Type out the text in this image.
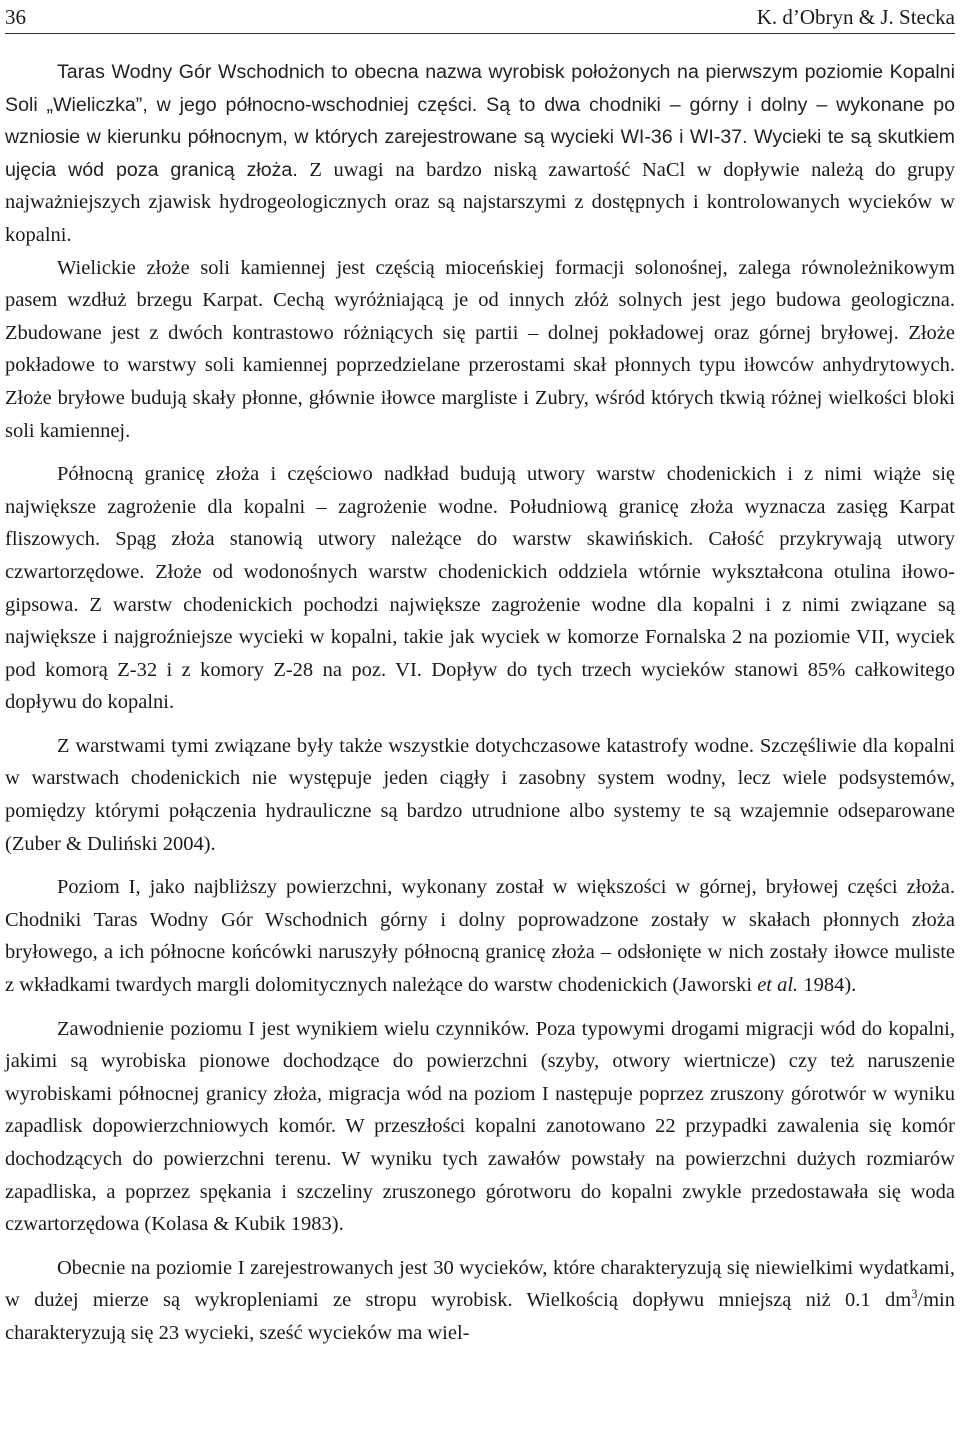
36	K. d’Obryn & J. Stecka

Taras Wodny Gór Wschodnich to obecna nazwa wyrobisk położonych na pierwszym poziomie Kopalni Soli „Wieliczka”, w jego północno-wschodniej części. Są to dwa chodniki – górny i dolny – wykonane po wzniosie w kierunku północnym, w których zarejestrowane są wycieki WI-36 i WI-37. Wycieki te są skutkiem ujęcia wód poza granicą złoża. Z uwagi na bardzo niską zawartość NaCl w dopływie należą do grupy najważniejszych zjawisk hydrogeologicznych oraz są najstarszymi z dostępnych i kontrolowanych wycieków w kopalni.

Wielickie złoże soli kamiennej jest częścią mioceńskiej formacji solonośnej, zalega równoleżnikowym pasem wzdłuż brzegu Karpat. Cechą wyróżniającą je od innych złóż solnych jest jego budowa geologiczna. Zbudowane jest z dwóch kontrastowo różniących się partii – dolnej pokładowej oraz górnej bryłowej. Złoże pokładowe to warstwy soli kamiennej poprzedzielane przerostami skał płonnych typu iłowców anhydrytowych. Złoże bryłowe budują skały płonne, głównie iłowce margliste i Zubry, wśród których tkwią różnej wielkości bloki soli kamiennej.

Północną granicę złoża i częściowo nadkład budują utwory warstw chodenickich i z nimi wiąże się największe zagrożenie dla kopalni – zagrożenie wodne. Południową granicę złoża wyznacza zasięg Karpat fliszowych. Spąg złoża stanowią utwory należące do warstw skawińskich. Całość przykrywają utwory czwartorzędowe. Złoże od wodonośnych warstw chodenickich oddziela wtórnie wykształcona otulina iłowo-gipsowa. Z warstw chodenickich pochodzi największe zagrożenie wodne dla kopalni i z nimi związane są największe i najgroźniejsze wycieki w kopalni, takie jak wyciek w komorze Fornalska 2 na poziomie VII, wyciek pod komorą Z-32 i z komory Z-28 na poz. VI. Dopływ do tych trzech wycieków stanowi 85% całkowitego dopływu do kopalni.

Z warstwami tymi związane były także wszystkie dotychczasowe katastrofy wodne. Szczęśliwie dla kopalni w warstwach chodenickich nie występuje jeden ciągły i zasobny system wodny, lecz wiele podsystemów, pomiędzy którymi połączenia hydrauliczne są bardzo utrudnione albo systemy te są wzajemnie odseparowane (Zuber & Duliński 2004).

Poziom I, jako najbliższy powierzchni, wykonany został w większości w górnej, bryłowej części złoża. Chodniki Taras Wodny Gór Wschodnich górny i dolny poprowadzone zostały w skałach płonnych złoża bryłowego, a ich północne końcówki naruszyły północną granicę złoża – odsłonięte w nich zostały iłowce muliste z wkładkami twardych margli dolomitycznych należące do warstw chodenickich (Jaworski et al. 1984).

Zawodnienie poziomu I jest wynikiem wielu czynników. Poza typowymi drogami migracji wód do kopalni, jakimi są wyrobiska pionowe dochodzące do powierzchni (szyby, otwory wiertnicze) czy też naruszenie wyrobiskami północnej granicy złoża, migracja wód na poziom I następuje poprzez zruszony górotwór w wyniku zapadlisk dopowierzchniowych komór. W przeszłości kopalni zanotowano 22 przypadki zawalenia się komór dochodzących do powierzchni terenu. W wyniku tych zawałów powstały na powierzchni dużych rozmiarów zapadliska, a poprzez spękania i szczeliny zruszonego górotworu do kopalni zwykle przedostawała się woda czwartorzędowa (Kolasa & Kubik 1983).

Obecnie na poziomie I zarejestrowanych jest 30 wycieków, które charakteryzują się niewielkimi wydatkami, w dużej mierze są wykropleniami ze stropu wyrobisk. Wielkością dopływu mniejszą niż 0.1 $dm^3/\min$ charakteryzują się 23 wycieki, sześć wycieków ma wiel-
